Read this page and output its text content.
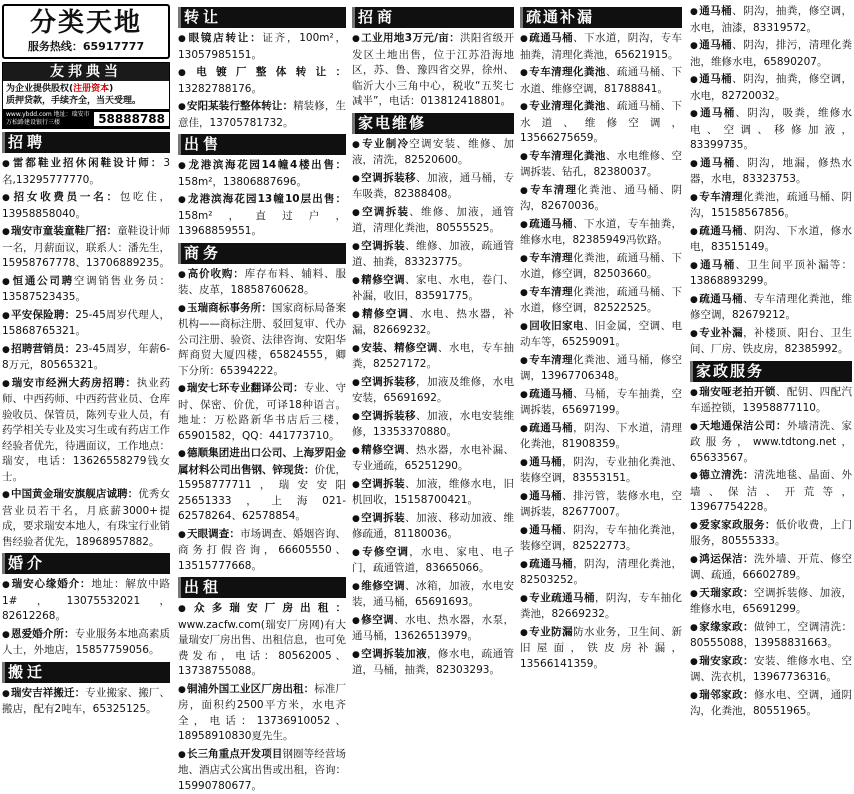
分类天地
服务热线：65917777
友邦典当
为企业提供股权(注册资本)
质押贷款，手续齐全，当天受理。
www.ybdd.com 地址：瑞安市万松路建设银行三楼	58888788
招聘
● 雷都鞋业招休闲鞋设计师：3名,13295777770。
● 招女收费员一名：包吃住，13958858040。
● 瑞安市童装童鞋厂招：童鞋设计师一名，月薪面议，联系人：潘先生，15958767778、13706889235。
● 恒通公司聘空调销售业务员：13587523435。
● 平安保险聘：25-45周岁代理人，15868765321。
● 招聘营销员：23-45周岁，年薪6-8万元，80565321。
● 瑞安市经洲大药房招聘：执业药师、中西药师、中西药营业员、仓库验收员、保管员，陈列专业人员，有药学相关专业及实习生或有药店工作经验者优先，待遇面议，工作地点：瑞安，电话：13626558279钱女士。
● 中国黄金瑞安旗舰店诚聘：优秀女营业员若干名，月底薪3000+提成，要求瑞安本地人，有珠宝行业销售经验者优先，18968957882。
婚介
● 瑞安心缘婚介：地址：解放中路1#，13075532021，82612268。
● 恩爱婚介所：专业服务本地高素质人士，外地店，15857759056。
搬迁
● 瑞安吉祥搬迁：专业搬家、搬厂、搬店，配有2吨车，65325125。
转让
● 眼镜店转让：证齐，100m²，13057985151。
● 电镀厂整体转让：13282788176。
● 安阳某装行整体转让：精装修，生意佳，13705781732。
出售
● 龙港滨海花园14幢4楼出售：158m²，13806887696。
● 龙港滨海花园13幢10层出售：158m²，直过户，13968859551。
商务
● 高价收购：库存布料、辅料、服装、皮革，18858760628。
● 玉瑞商标事务所：国家商标局备案机构——商标注册、驳回复审、代办公司注册、验资、法律咨询、安阳华辉商贸大厦四楼，65824555，卿下分所：65394222。
● 瑞安七环专业翻译公司：专业、守时、保密、价优，可译18种语言。地址：万松路新华书店后三楼，65901582，QQ：441773710。
● 德顺集团进出口公司、上海罗阳金属材料公司出售钢、锌现货：价优，15958777711，瑞安安阳25651333，上海021-62578264、62578854。
● 天眼调查：市场调查、婚姻咨询、商务打假咨询，66605550、13515777668。
出租
● 众多瑞安厂房出租：www.zacfw.com(瑞安厂房网)有大量瑞安厂房出售、出租信息，也可免费发布，电话：80562005、13738755088。
● 铜浦外国工业区厂房出租：标准厂房，面积约2500平方米，水电齐全，电话：13736910052、18958910830夏先生。
● 长三角重点开发项目钢圈等经营场地、酒店式公寓出售或出租，咨询：15990780677。
招商
● 工业用地3万元/亩：洪阳省级开发区土地出售，位于江苏沿海地区，苏、鲁、豫四省交界，徐州、临沂大小三角中心，税收“五奖七减半”，电话：013812418801。
家电维修
● 专业制冷空调安装、维修、加液，清洗，82520600。
● 空调拆装移、加液，通马桶，专车吸粪，82388408。
● 空调拆装、维修、加液，通管道，清理化粪池，80555525。
● 空调拆装、维修、加液，疏通管道、抽粪，83323775。
● 精修空调、家电、水电，卷门、补漏，收旧，83591775。
● 精修空调、水电、热水器，补漏，82669232。
● 安装、精修空调、水电，专车抽粪，82527172。
● 空调拆装移，加液及维修，水电安装，65691692。
● 空调拆装移、加液，水电安装维修，13353370880。
● 精修空调、热水器，水电补漏、专业通疏，65251290。
● 空调拆装、加液，维修水电，旧机回收，15158700421。
● 空调拆装、加液、移动加液、维修疏通，81180036。
● 专修空调，水电、家电、电子门，疏通管道，83665066。
● 维修空调、冰箱，加液，水电安装，通马桶，65691693。
● 修空调、水电、热水器，水泵，通马桶，13626513979。
● 空调拆装加液，修水电，疏通管道，马桶，抽粪，82303293。
疏通补漏
● 疏通马桶、下水道，阴沟，专车抽粪，清理化粪池，65621915。
● 专车清理化粪池、疏通马桶、下水道、维修空调，81788841。
● 专业清理化粪池、疏通马桶、下水道、维修空调，13566275659。
● 专车清理化粪池、水电维修、空调拆装、钻孔，82380037。
● 专车清理化粪池、通马桶、阴沟，82670036。
● 疏通马桶、下水道，专车抽粪，维修水电，82385949冯钦路。
● 专车清理化粪池，疏通马桶、下水道，修空调，82503660。
● 专车清理化粪池，疏通马桶、下水道，修空调，82522525。
● 回收旧家电、旧金属，空调、电动车等，65259091。
● 专车清理化粪池、通马桶，修空调，13967706348。
● 疏通马桶、马桶，专车抽粪，空调拆装，65697199。
● 疏通马桶，阴沟、下水道，清理化粪池，81908359。
● 通马桶，阴沟，专业抽化粪池、装修空调，83553151。
● 通马桶、排污管，装修水电，空调拆装，82677007。
● 通马桶、阴沟，专车抽化粪池，装修空调，82522773。
● 疏通马桶，阴沟，清理化粪池，82503252。
● 专业疏通马桶，阴沟，专车抽化粪池，82669232。
● 专业防漏防水业务，卫生间、新旧屋面，铁皮房补漏，13566141359。
● 通马桶、阴沟，抽粪，修空调，水电，油漆，83319572。
● 通马桶、阴沟，排污，清理化粪池，维修水电，65890207。
● 通马桶、阴沟，抽粪，修空调，水电，82720032。
● 通马桶、阴沟，吸粪，维修水电、空调、移修加液，83399735。
● 通马桶、阴沟，地漏，修热水器，水电，83323753。
● 专车清理化粪池，疏通马桶、阴沟，15158567856。
● 疏通马桶、阴沟、下水道，修水电，83515149。
● 通马桶、卫生间平顶补漏等：13868893299。
● 疏通马桶、专车清理化粪池，维修空调，82679212。
● 专业补漏，补楼顶、阳台、卫生间、厂房、铁皮房，82385992。
家政服务
● 瑞安哑老拍开锁、配钥、四配汽车遥控锁，13958877110。
● 天地通保洁公司：外墙清洗、家政服务，www.tdtong.net，65633567。
● 德立清洗：清洗地毯、晶面、外墙、保洁、开荒等，13967754228。
● 爱家家政服务：低价收费，上门服务，80555333。
● 鸿运保洁：洗外墙、开荒、修空调、疏通，66602789。
● 天瑞家政：空调拆装修、加液，维修水电，65691299。
● 家缘家政：做钟工，空调清洗：80555088，13958831663。
● 瑞安家政：安装、维修水电、空调、洗衣机，13967736316。
● 瑞邻家政：修水电、空调，通阴沟，化粪池，80551965。
